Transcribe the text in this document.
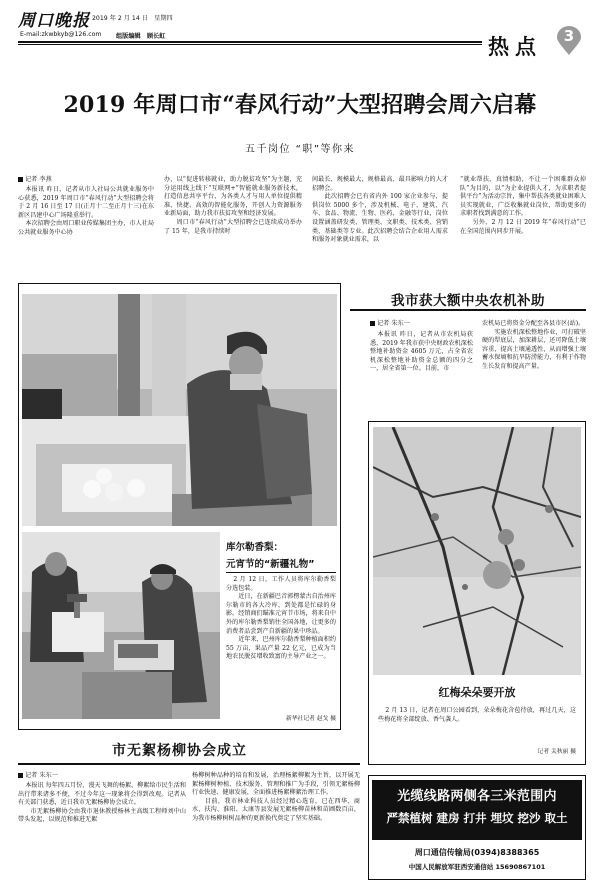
周口晚报 2019 年 2 月 14 日　星期四
E-mail:zkwbkyb@126.com 组版编辑　顾长虹	热点	3
2019 年周口市“春风行动”大型招聘会周六启幕
五千岗位 “职”等你来
记者 李燕

本报讯 昨日，记者从市人社局公共就业服务中心获悉，2019 年周口市“春风行动”大型招聘会将于 2 月 16 日至 17 日(正月十二至正月十三)在东新区昌建中心广场隆重举行。

本次招聘会由周口职业传媒集团主办，市人社局公共就业服务中心协

办，以“促进转移就业，助力脱贫攻坚”为主题，充分运用线上线下“互联网+”智能就业服务新技术，打造信息共享平台，为各类人才与用人单位提供精准、快捷、高效的智能化服务，开创人力资源服务业新局面，助力我市扶贫攻坚和经济发展。
　　周口市“春风行动”大型招聘会已连续成功举办了 15 年，是我市持续时
间最长、规模最大、规格最高、最具影响力的人才招聘会。
　　此次招聘会已有省内外 100 家企业参与，提供岗位 5000 多个，涉及机械、电子、建筑、汽车、食品、物流、生物、医药、金融等行业，岗位设置涵盖研发类、管理类、文职类、技术类、营销类、基础类等专业。此次招聘会结合企业用人需求和服务对象就业需求，以
“就业帮扶、真情相助，不让一个困难群众掉队”为目的，以“为企业提供人才，为求职者提供平台”为活动宗旨，集中帮扶各类就业困难人员实现就业，广泛收集就业岗位，帮助更多的求职者找到满意的工作。
　　另外，2 月 12 日 2019 年“春风行动”已在全国范围内同步开展。
库尔勒香梨：
元宵节的“新疆礼物”
2 月 12 日，工作人员将库尔勒香梨分选包装。
　　近日，在新疆巴音郭楞蒙古自治州库尔勒市的各大冷库，到处都是忙碌的身影。经销商们瞄准元宵节市场，将来自中外的库尔勒香梨销往全国各地，让更多的消费者品尝到产自新疆的果中珍品。
　　近年来，巴州库尔勒香梨种植面积约 55 万亩，果品产量 22 亿元，已成为当地农民脱贫增收致富的主导产业之一。
新华社记者 赵戈 摄
我市获大额中央农机补助
记者 朱东一
本报讯 昨日，记者从市农机局获悉，2019 年我市获中央财政农机深松整地补助资金 4605 万元，占全省农机深松整地补助资金总额的四分之一，居全省第一位。目前，市
农机局已将资金分配至各县市区(站)。
　　实施农机深松整地作业，可打破坚硬的犁底层，加深耕层，还可降低土壤容重，提高土壤通透性，从而增强土壤蓄水保墒和抗旱防涝能力，有利于作物生长发育和提高产量。
红梅朵朵要开放
2 月 13 日，记者在周口公园看到，朵朵梅花含苞待放，再过几天，这些梅花将全部绽放、香气袭人。
记者 关秋丽 摄
市无絮杨柳协会成立
记者 朱东一
本报讯 每年四五月份，漫天飞舞的杨絮、柳絮给市民生活和出行带来诸多不便，不过今年这一现象将会得到改观。记者从有关部门获悉，近日我市无絮杨柳协会成立。
　　市无絮杨柳协会由我市退休教授杨林主高级工程师刘中山带头发起，以规范和推进无絮
杨柳树种品种的培育和发展，治理杨絮柳絮为主旨，以开展无絮杨柳树种植、技术服务、管理和推广为手段，引领无絮杨柳行业快速、健康发展，全面推进杨絮柳絮治理工作。
　　目前，我市林业科技人员经过精心选育，已在西华、商水、扶沟、淮阳、太康等县发展无絮杨柳苗林和苗圃数百亩，为我市杨柳树树品种的更新换代奠定了坚实基础。
光缆线路两侧各三米范围内
严禁植树 建房 打井 埋坟 挖沙 取土
周口通信传输局(0394)8388365
中国人民解放军驻西安通信站 15690867101
